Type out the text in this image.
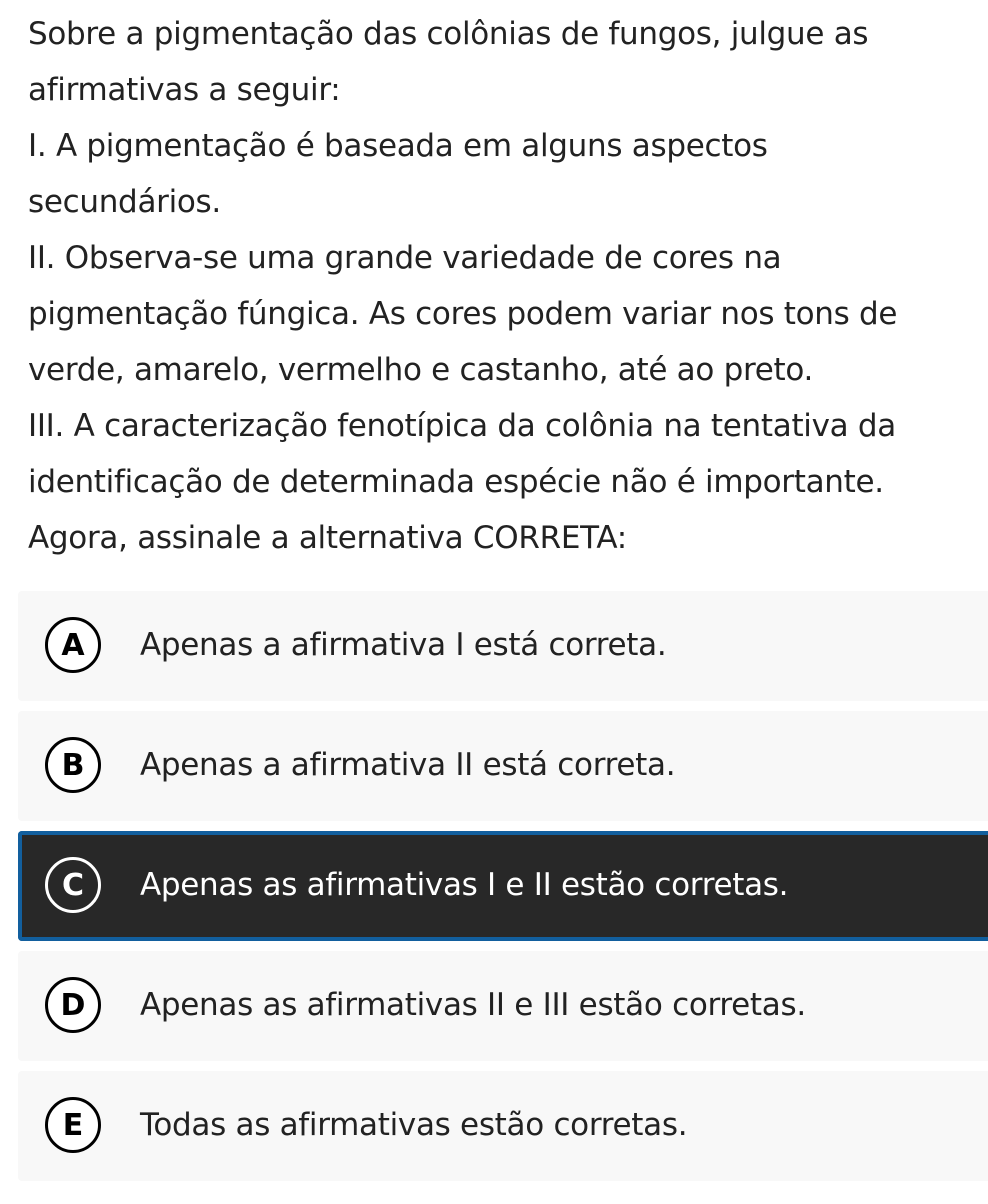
Sobre a pigmentação das colônias de fungos, julgue as

afirmativas a seguir:

I. A pigmentação é baseada em alguns aspectos

secundários.

II. Observa-se uma grande variedade de cores na

pigmentação fúngica. As cores podem variar nos tons de

verde, amarelo, vermelho e castanho, até ao preto.

III. A caracterização fenotípica da colônia na tentativa da

identificação de determinada espécie não é importante.

Agora, assinale a alternativa CORRETA:

A	Apenas a afirmativa I está correta.
B	Apenas a afirmativa II está correta.
C	Apenas as afirmativas I e II estão corretas.
D	Apenas as afirmativas II e III estão corretas.
E	Todas as afirmativas estão corretas.
